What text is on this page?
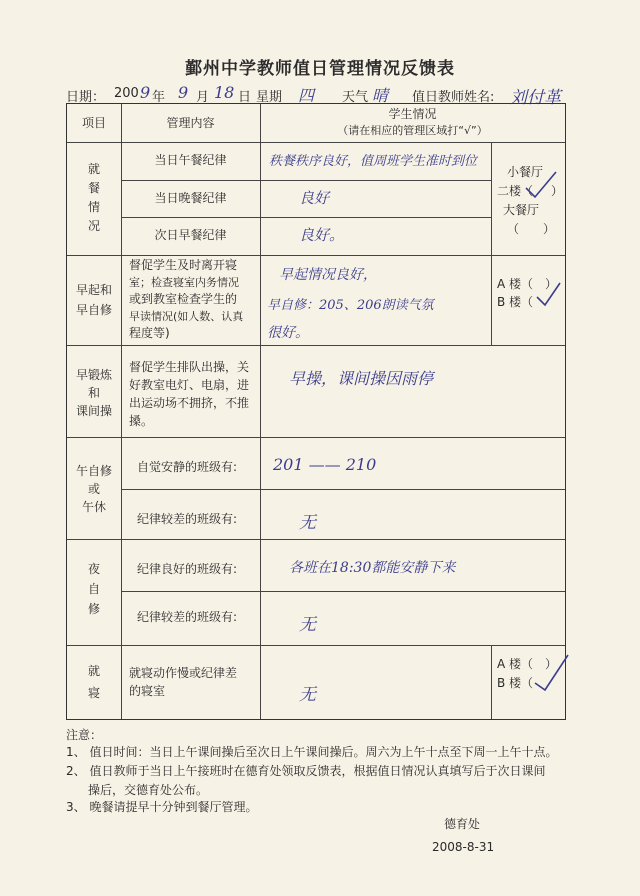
鄞州中学教师值日管理情况反馈表
日期： 200 9 年 9 月 18 日 星期 四 天气 晴 值日教师姓名: 刘付革
项目	管理内容
学生情况
（请在相应的管理区域打“√”）
就
餐
情
况
当日午餐纪律
当日晚餐纪律
次日早餐纪律
秩餐秩序良好，值周班学生准时到位
良好
良好。
小餐厅
二楼（ ）
大餐厅
（　　）
早起和
早自修
督促学生及时离开寝
室；检查寝室内务情况
或到教室检查学生的
早读情况(如人数、认真
程度等)
早起情况良好，
早自修：205、206朗读气氛
很好。
A 楼（　）
B 楼（
早锻炼
和
课间操
督促学生排队出操，关
好教室电灯、电扇，进
出运动场不拥挤，不推
搡。
早操，课间操因雨停
午自修
或
午休
自觉安静的班级有:
纪律较差的班级有:
201 —— 210
无
夜
自
修
纪律良好的班级有:
纪律较差的班级有:
各班在18:30都能安静下来
无
就
寝
就寝动作慢或纪律差
的寝室	无
A 楼（　）
B 楼（
注意：
1、 值日时间：当日上午课间操后至次日上午课间操后。周六为上午十点至下周一上午十点。
2、 值日教师于当日上午接班时在德育处领取反馈表，根据值日情况认真填写后于次日课间
操后，交德育处公布。
3、 晚餐请提早十分钟到餐厅管理。
德育处
2008-8-31
